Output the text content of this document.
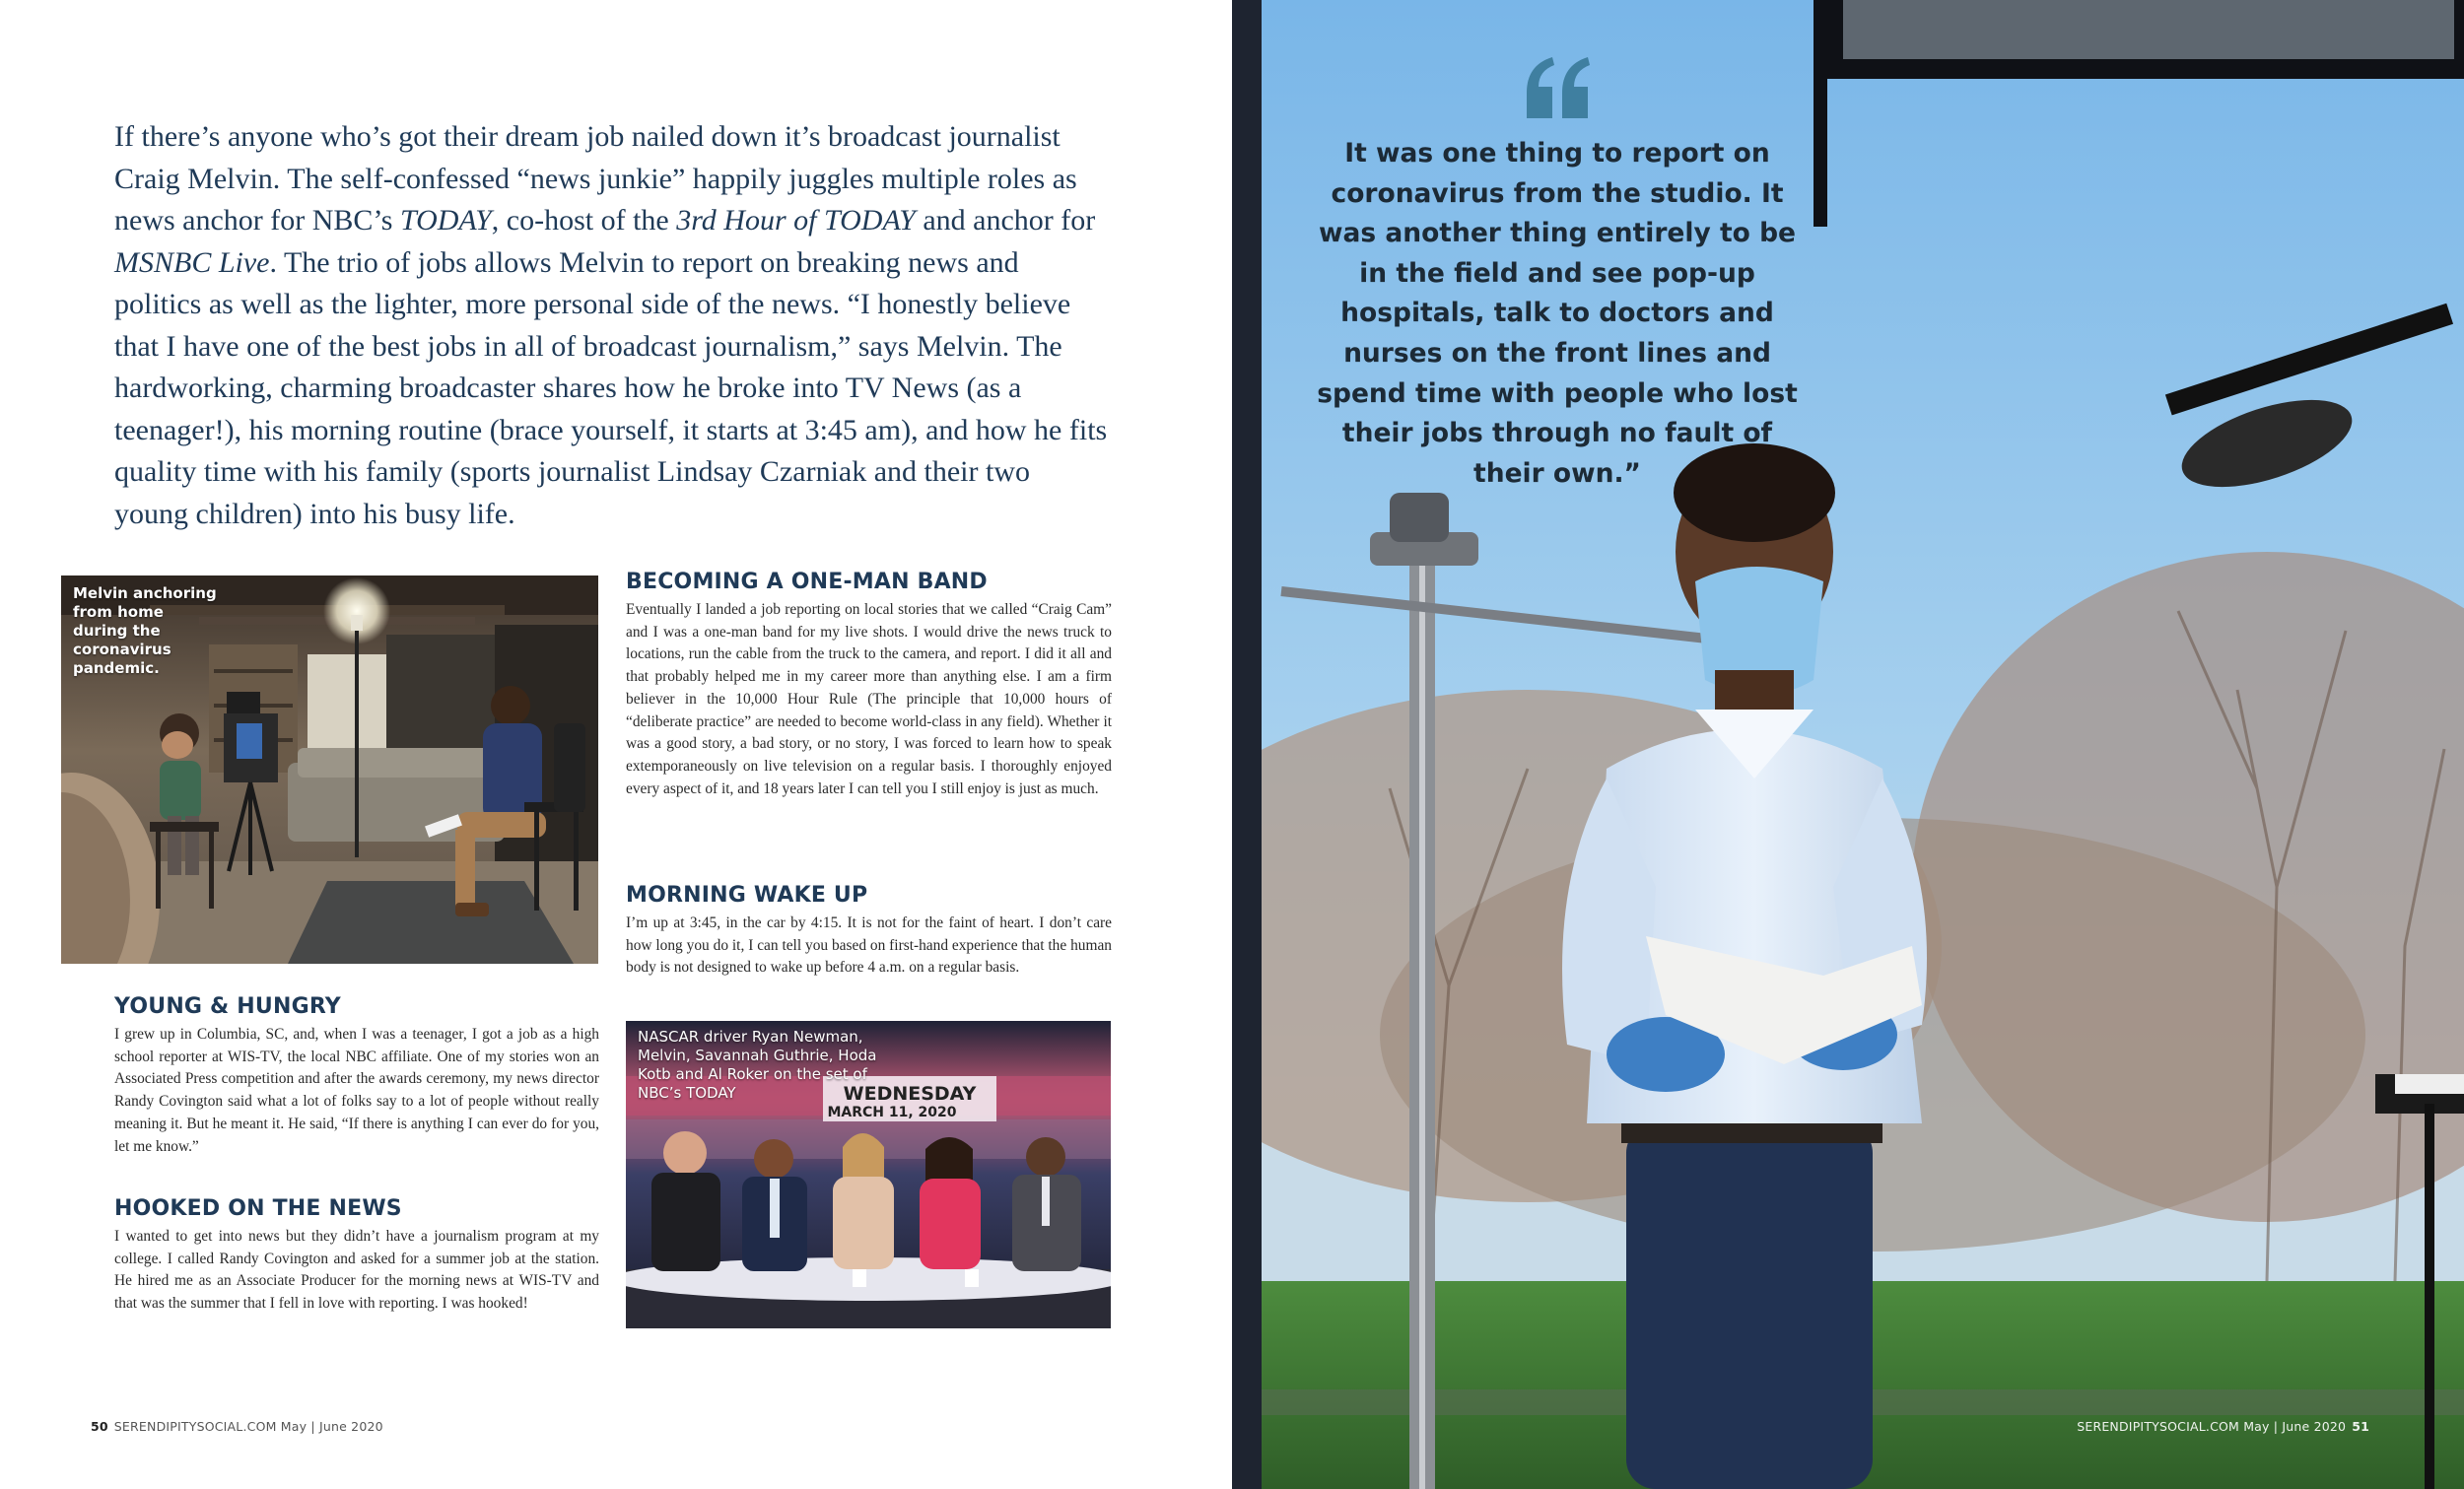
If there’s anyone who’s got their dream job nailed down it’s broadcast journalist Craig Melvin. The self-confessed “news junkie” happily juggles multiple roles as news anchor for NBC’s TODAY, co-host of the 3rd Hour of TODAY and anchor for MSNBC Live. The trio of jobs allows Melvin to report on breaking news and politics as well as the lighter, more personal side of the news. “I honestly believe that I have one of the best jobs in all of broadcast journalism,” says Melvin. The hardworking, charming broadcaster shares how he broke into TV News (as a teenager!), his morning routine (brace yourself, it starts at 3:45 am), and how he fits quality time with his family (sports journalist Lindsay Czarniak and their two young children) into his busy life.

Melvin anchoring from home during the coronavirus pandemic.
BECOMING A ONE-MAN BAND

Eventually I landed a job reporting on local stories that we called “Craig Cam” and I was a one-man band for my live shots. I would drive the news truck to locations, run the cable from the truck to the camera, and report. I did it all and that probably helped me in my career more than anything else. I am a firm believer in the 10,000 Hour Rule (The principle that 10,000 hours of “deliberate practice” are needed to become world-class in any field). Whether it was a good story, a bad story, or no story, I was forced to learn how to speak extemporaneously on live television on a regular basis. I thoroughly enjoyed every aspect of it, and 18 years later I can tell you I still enjoy is just as much.

MORNING WAKE UP

I’m up at 3:45, in the car by 4:15. It is not for the faint of heart. I don’t care how long you do it, I can tell you based on first-hand experience that the human body is not designed to wake up before 4 a.m. on a regular basis.

YOUNG & HUNGRY

I grew up in Columbia, SC, and, when I was a teenager, I got a job as a high school reporter at WIS-TV, the local NBC affiliate. One of my stories won an Associated Press competition and after the awards ceremony, my news director Randy Covington said what a lot of folks say to a lot of people without really meaning it. But he meant it. He said, “If there is anything I can ever do for you, let me know.”

HOOKED ON THE NEWS

I wanted to get into news but they didn’t have a journalism program at my college. I called Randy Covington and asked for a summer job at the station. He hired me as an Associate Producer for the morning news at WIS-TV and that was the summer that I fell in love with reporting. I was hooked!

WEDNESDAY
MARCH 11, 2020
NASCAR driver Ryan Newman, Melvin, Savannah Guthrie, Hoda Kotb and Al Roker on the set of NBC’s TODAY
50 SERENDIPITYSOCIAL.COM May | June 2020	SERENDIPITYSOCIAL.COM May | June 2020 51
It was one thing to report on coronavirus from the studio. It was another thing entirely to be in the field and see pop-up hospitals, talk to doctors and nurses on the front lines and spend time with people who lost their jobs through no fault of their own.”
